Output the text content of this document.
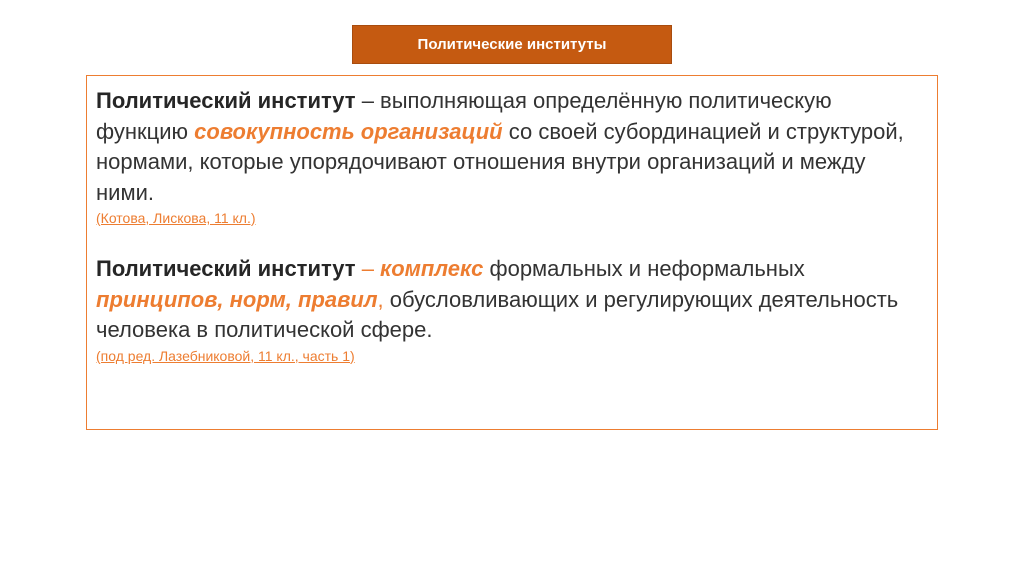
Политические институты

Политический институт – выполняющая определённую политическую функцию совокупность организаций со своей субординацией и структурой, нормами, которые упорядочивают отношения внутри организаций и между ними.

(Котова, Лискова, 11 кл.)

Политический институт – комплекс формальных и неформальных принципов, норм, правил, обусловливающих и регулирующих деятельность человека в политической сфере.

(под ред. Лазебниковой, 11 кл., часть 1)
